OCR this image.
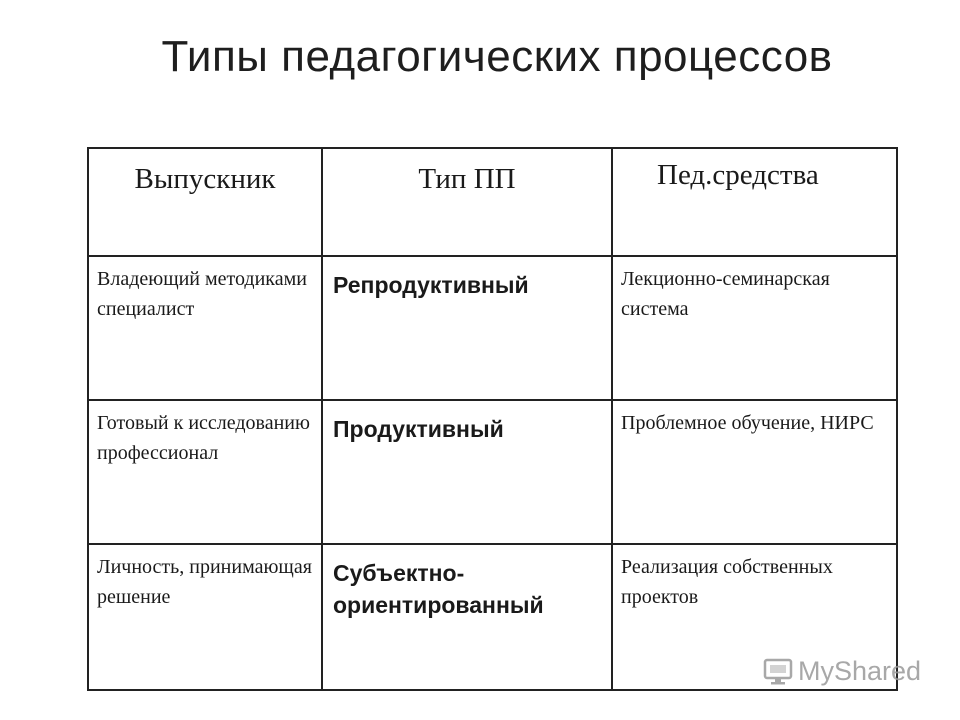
Типы педагогических процессов
Выпускник	Тип ПП	Пед.средства

Владеющий методиками специалист	Репродуктивный	Лекционно-семинарская система

Готовый к исследованию профессионал	Продуктивный	Проблемное обучение, НИРС

Личность, принимающая решение	Субъектно-ориентированный	Реализация собственных проектов
MyShared
